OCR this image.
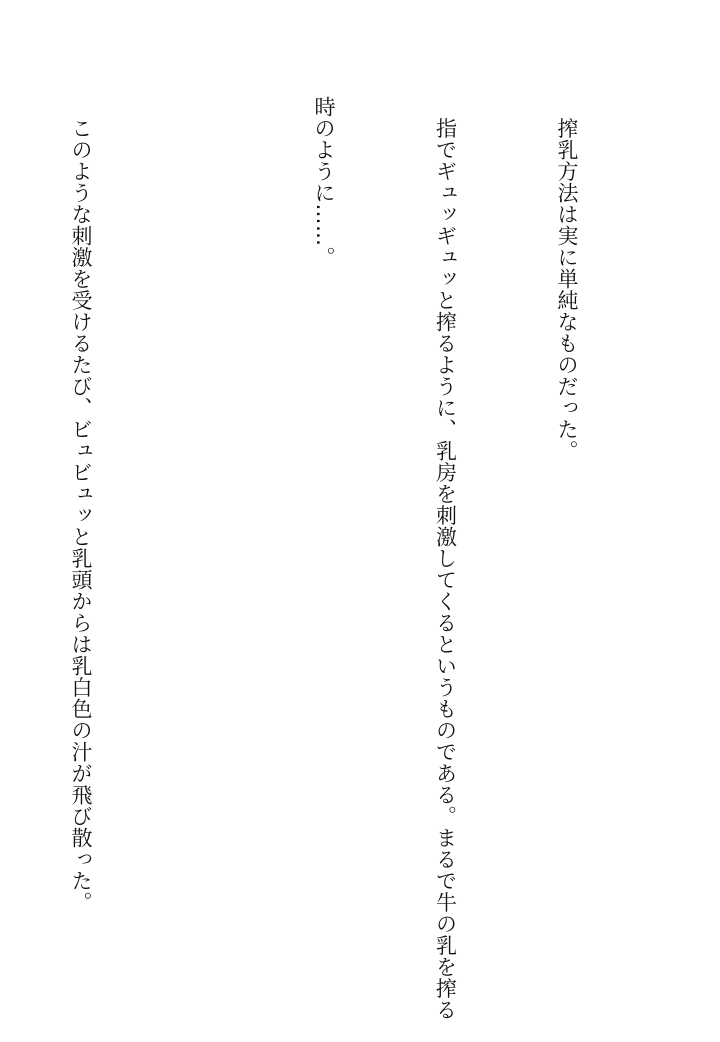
　搾乳方法は実に単純なものだった。

　指でギュッギュッと搾るように、乳房を刺激してくるというものである。まるで牛の乳を搾る

時のように……。

　このような刺激を受けるたび、ビュビュッと乳頭からは乳白色の汁が飛び散った。
